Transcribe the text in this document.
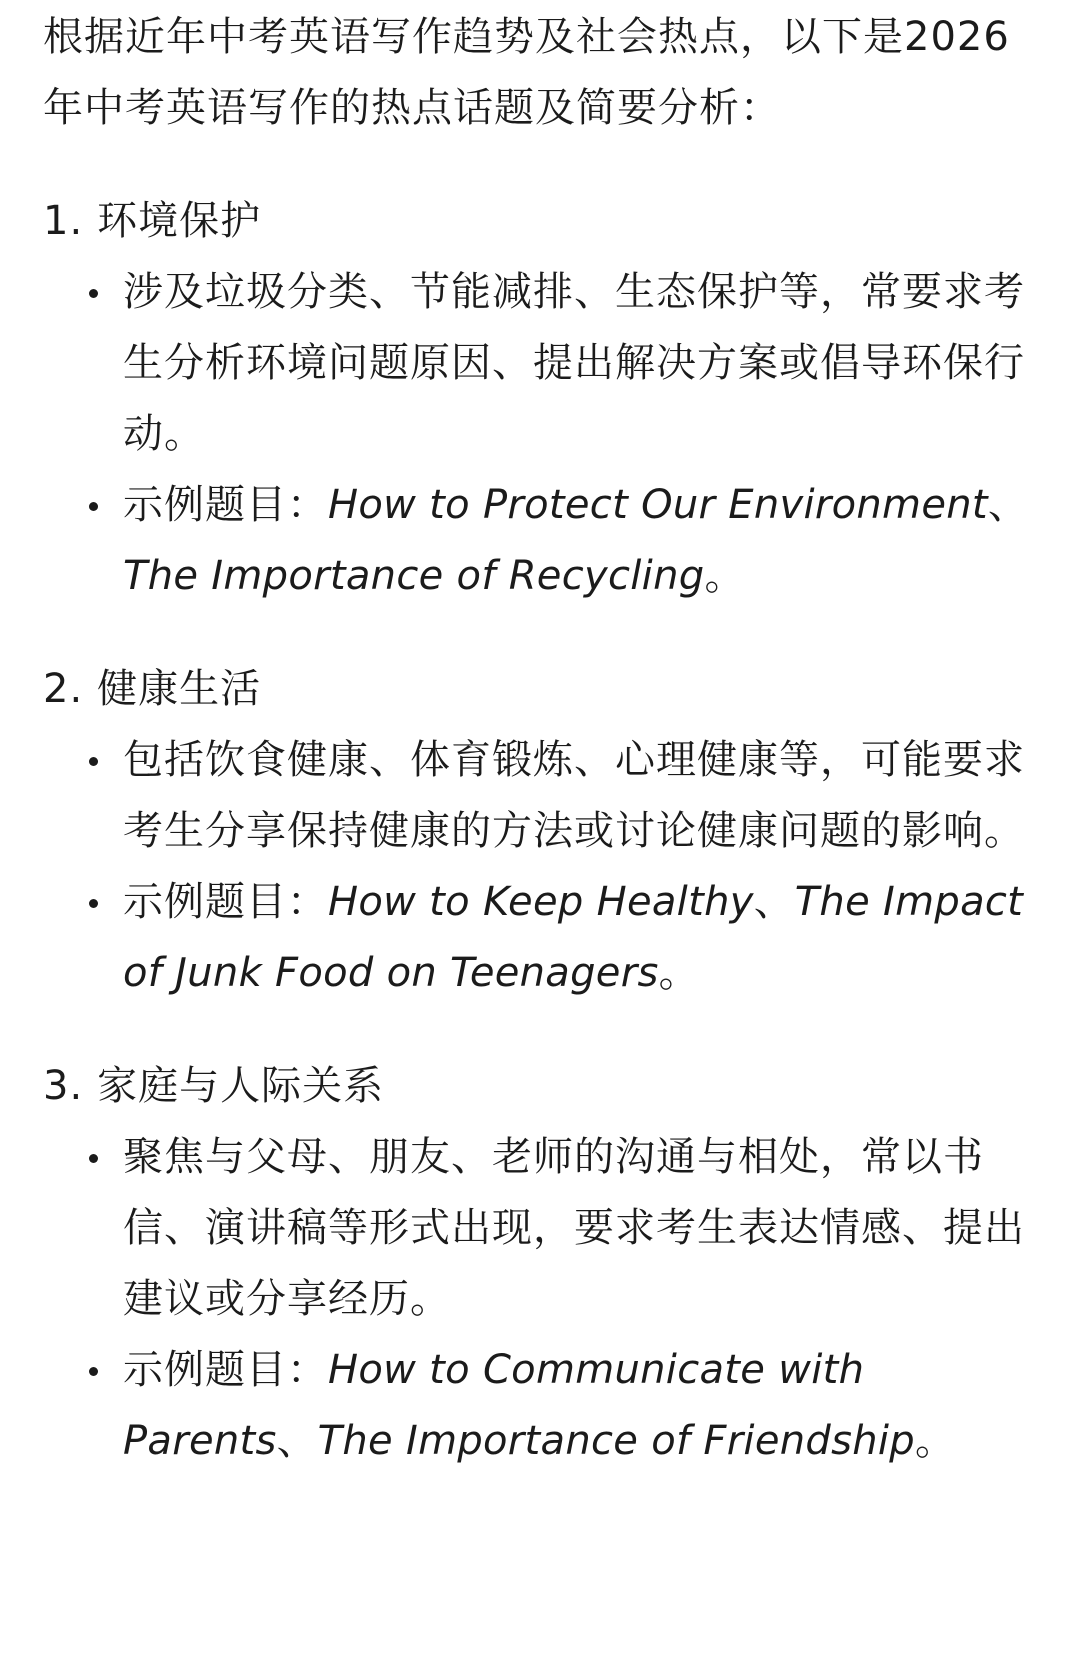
根据近年中考英语写作趋势及社会热点，以下是2026年中考英语写作的热点话题及简要分析：

1. 环境保护
涉及垃圾分类、节能减排、生态保护等，常要求考生分析环境问题原因、提出解决方案或倡导环保行动。
示例题目：How to Protect Our Environment、The Importance of Recycling。
2. 健康生活
包括饮食健康、体育锻炼、心理健康等，可能要求考生分享保持健康的方法或讨论健康问题的影响。
示例题目：How to Keep Healthy、The Impact of Junk Food on Teenagers。
3. 家庭与人际关系
聚焦与父母、朋友、老师的沟通与相处，常以书信、演讲稿等形式出现，要求考生表达情感、提出建议或分享经历。
示例题目：How to Communicate with Parents、The Importance of Friendship。
